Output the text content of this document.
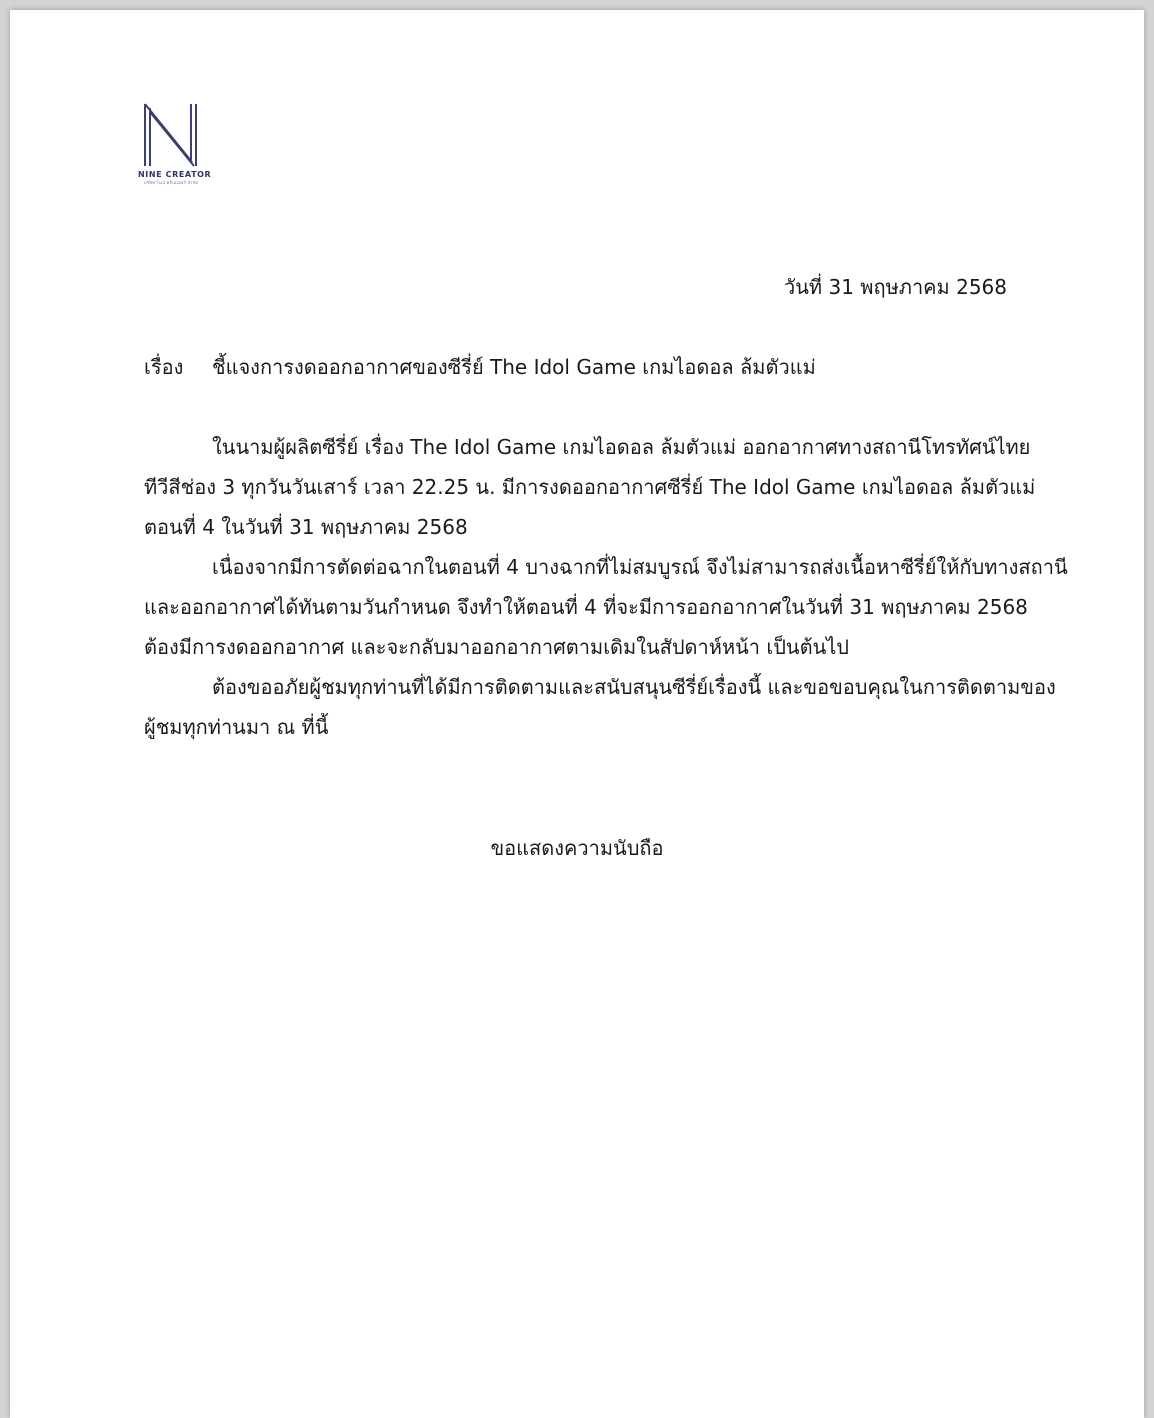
NINE CREATOR
บริษัท ไนน์ ครีเอเตอร์ จำกัด
วันที่ 31 พฤษภาคม 2568
เรื่อง ชี้แจงการงดออกอากาศของซีรี่ย์ The Idol Game เกมไอดอล ล้มตัวแม่
ในนามผู้ผลิตซีรี่ย์ เรื่อง The Idol Game เกมไอดอล ล้มตัวแม่ ออกอากาศทางสถานีโทรทัศน์ไทย
ทีวีสีช่อง 3 ทุกวันวันเสาร์ เวลา 22.25 น. มีการงดออกอากาศซีรี่ย์ The Idol Game เกมไอดอล ล้มตัวแม่
ตอนที่ 4 ในวันที่ 31 พฤษภาคม 2568
เนื่องจากมีการตัดต่อฉากในตอนที่ 4 บางฉากที่ไม่สมบูรณ์ จึงไม่สามารถส่งเนื้อหาซีรี่ย์ให้กับทางสถานี
และออกอากาศได้ทันตามวันกำหนด จึงทำให้ตอนที่ 4 ที่จะมีการออกอากาศในวันที่ 31 พฤษภาคม 2568
ต้องมีการงดออกอากาศ และจะกลับมาออกอากาศตามเดิมในสัปดาห์หน้า เป็นต้นไป
ต้องขออภัยผู้ชมทุกท่านที่ได้มีการติดตามและสนับสนุนซีรี่ย์เรื่องนี้ และขอขอบคุณในการติดตามของ
ผู้ชมทุกท่านมา ณ ที่นี้
ขอแสดงความนับถือ
